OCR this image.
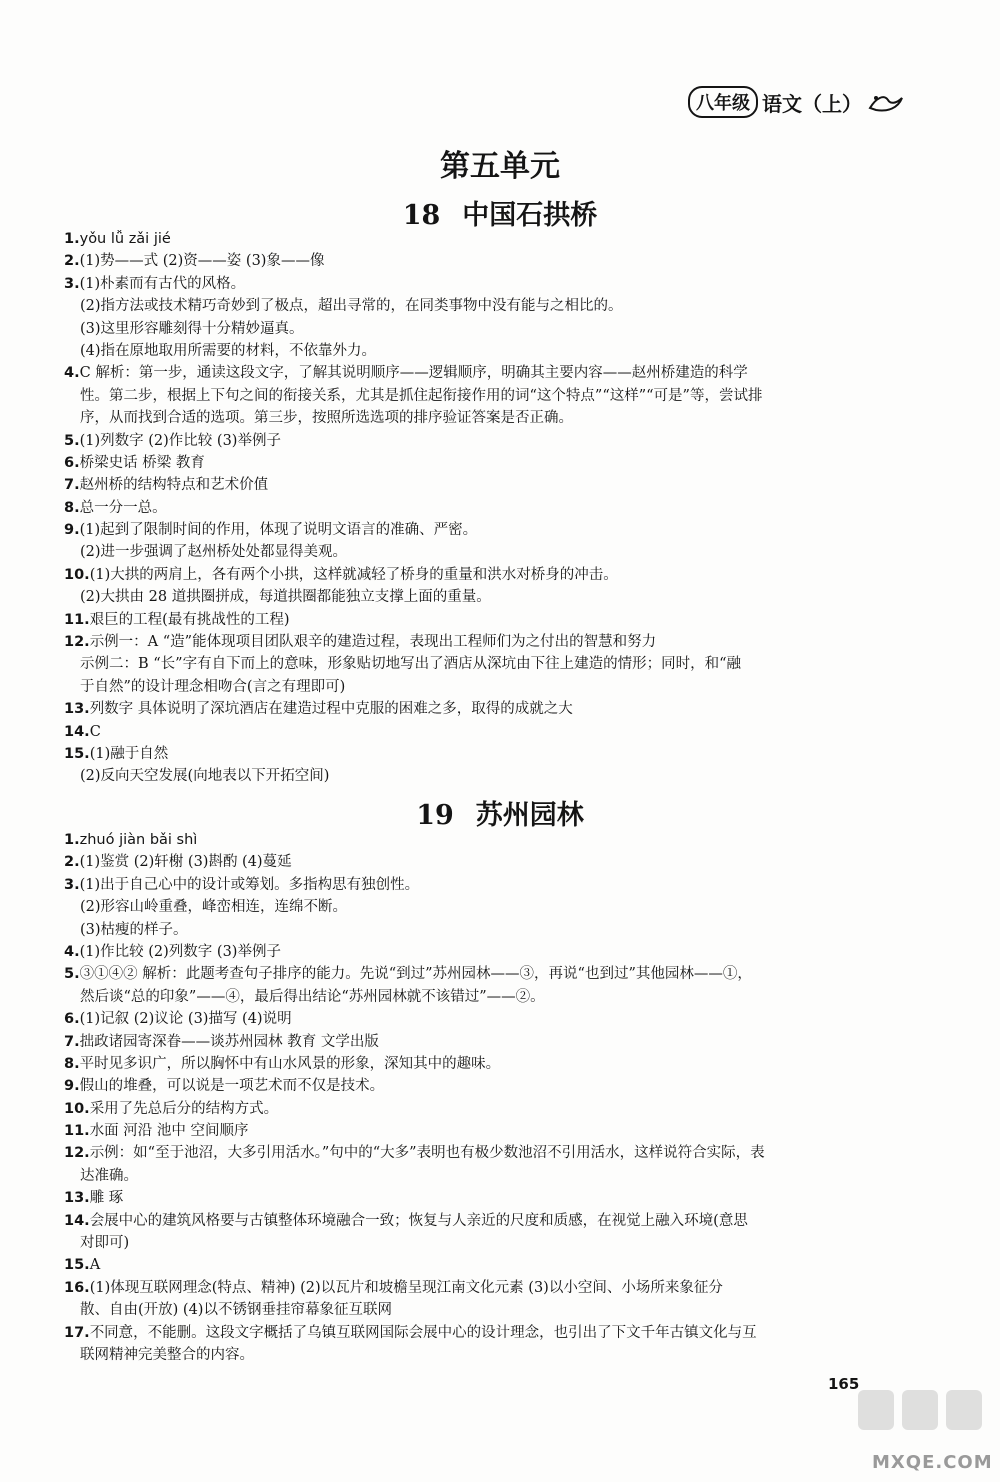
八年级 语文（上）
第五单元
18 中国石拱桥
1.yǒu lǚ zǎi jié
2.(1)势——式 (2)资——姿 (3)象——像
3.(1)朴素而有古代的风格。
(2)指方法或技术精巧奇妙到了极点，超出寻常的，在同类事物中没有能与之相比的。
(3)这里形容雕刻得十分精妙逼真。
(4)指在原地取用所需要的材料，不依靠外力。
4.C 解析：第一步，通读这段文字，了解其说明顺序——逻辑顺序，明确其主要内容——赵州桥建造的科学
性。第二步，根据上下句之间的衔接关系，尤其是抓住起衔接作用的词“这个特点”“这样”“可是”等，尝试排
序，从而找到合适的选项。第三步，按照所选选项的排序验证答案是否正确。
5.(1)列数字 (2)作比较 (3)举例子
6.桥梁史话 桥梁 教育
7.赵州桥的结构特点和艺术价值
8.总一分一总。
9.(1)起到了限制时间的作用，体现了说明文语言的准确、严密。
(2)进一步强调了赵州桥处处都显得美观。
10.(1)大拱的两肩上，各有两个小拱，这样就减轻了桥身的重量和洪水对桥身的冲击。
(2)大拱由 28 道拱圈拼成，每道拱圈都能独立支撑上面的重量。
11.艰巨的工程(最有挑战性的工程)
12.示例一：A “造”能体现项目团队艰辛的建造过程，表现出工程师们为之付出的智慧和努力
示例二：B “长”字有自下而上的意味，形象贴切地写出了酒店从深坑由下往上建造的情形；同时，和“融
于自然”的设计理念相吻合(言之有理即可)
13.列数字 具体说明了深坑酒店在建造过程中克服的困难之多，取得的成就之大
14.C
15.(1)融于自然
(2)反向天空发展(向地表以下开拓空间)
19 苏州园林
1.zhuó jiàn bǎi shì
2.(1)鉴赏 (2)轩榭 (3)斟酌 (4)蔓延
3.(1)出于自己心中的设计或筹划。多指构思有独创性。
(2)形容山岭重叠，峰峦相连，连绵不断。
(3)枯瘦的样子。
4.(1)作比较 (2)列数字 (3)举例子
5.③①④② 解析：此题考查句子排序的能力。先说“到过”苏州园林——③，再说“也到过”其他园林——①，
然后谈“总的印象”——④，最后得出结论“苏州园林就不该错过”——②。
6.(1)记叙 (2)议论 (3)描写 (4)说明
7.拙政诸园寄深眷——谈苏州园林 教育 文学出版
8.平时见多识广，所以胸怀中有山水风景的形象，深知其中的趣味。
9.假山的堆叠，可以说是一项艺术而不仅是技术。
10.采用了先总后分的结构方式。
11.水面 河沿 池中 空间顺序
12.示例：如“至于池沼，大多引用活水。”句中的“大多”表明也有极少数池沼不引用活水，这样说符合实际，表
达准确。
13.雕 琢
14.会展中心的建筑风格要与古镇整体环境融合一致；恢复与人亲近的尺度和质感，在视觉上融入环境(意思
对即可)
15.A
16.(1)体现互联网理念(特点、精神) (2)以瓦片和坡檐呈现江南文化元素 (3)以小空间、小场所来象征分
散、自由(开放) (4)以不锈钢垂挂帘幕象征互联网
17.不同意，不能删。这段文字概括了乌镇互联网国际会展中心的设计理念，也引出了下文千年古镇文化与互
联网精神完美整合的内容。
165
MXQE.COM
